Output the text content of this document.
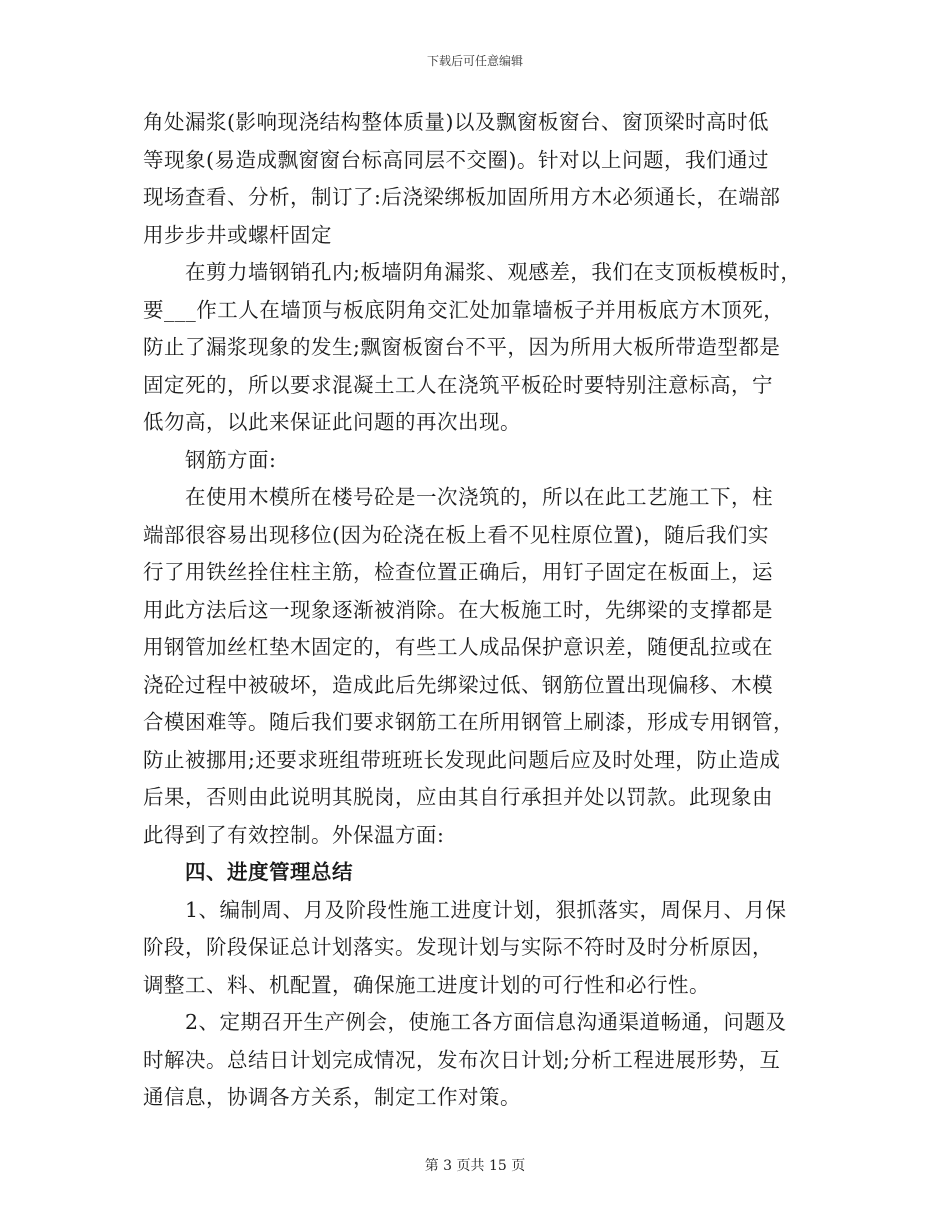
下载后可任意编辑
角处漏浆(影响现浇结构整体质量)以及飘窗板窗台、窗顶梁时高时低
等现象(易造成飘窗窗台标高同层不交圈)。针对以上问题，我们通过
现场查看、分析，制订了:后浇梁绑板加固所用方木必须通长，在端部
用步步井或螺杆固定
在剪力墙钢销孔内;板墙阴角漏浆、观感差，我们在支顶板模板时，
要___作工人在墙顶与板底阴角交汇处加靠墙板子并用板底方木顶死，
防止了漏浆现象的发生;飘窗板窗台不平，因为所用大板所带造型都是
固定死的，所以要求混凝土工人在浇筑平板砼时要特别注意标高，宁
低勿高，以此来保证此问题的再次出现。
钢筋方面:
在使用木模所在楼号砼是一次浇筑的，所以在此工艺施工下，柱
端部很容易出现移位(因为砼浇在板上看不见柱原位置)，随后我们实
行了用铁丝拴住柱主筋，检查位置正确后，用钉子固定在板面上，运
用此方法后这一现象逐渐被消除。在大板施工时，先绑梁的支撑都是
用钢管加丝杠垫木固定的，有些工人成品保护意识差，随便乱拉或在
浇砼过程中被破坏，造成此后先绑梁过低、钢筋位置出现偏移、木模
合模困难等。随后我们要求钢筋工在所用钢管上刷漆，形成专用钢管，
防止被挪用;还要求班组带班班长发现此问题后应及时处理，防止造成
后果，否则由此说明其脱岗，应由其自行承担并处以罚款。此现象由
此得到了有效控制。外保温方面:
四、进度管理总结
1、编制周、月及阶段性施工进度计划，狠抓落实，周保月、月保
阶段，阶段保证总计划落实。发现计划与实际不符时及时分析原因，
调整工、料、机配置，确保施工进度计划的可行性和必行性。
2、定期召开生产例会，使施工各方面信息沟通渠道畅通，问题及
时解决。总结日计划完成情况，发布次日计划;分析工程进展形势，互
通信息，协调各方关系，制定工作对策。
第 3 页共 15 页
